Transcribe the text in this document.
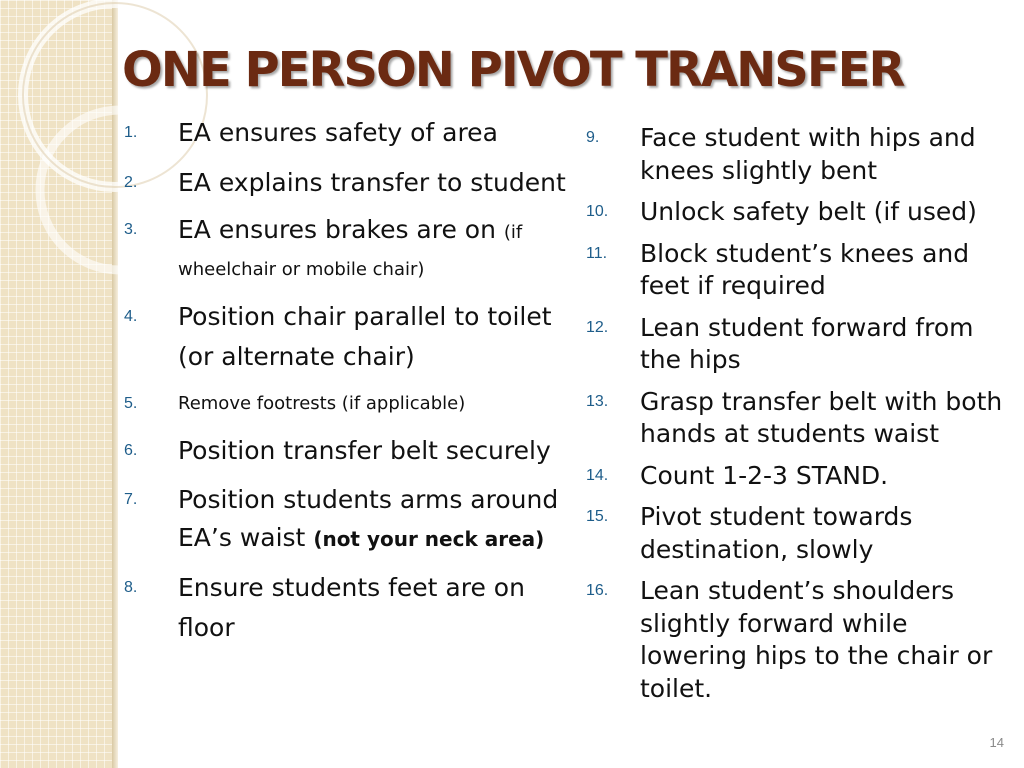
ONE PERSON PIVOT TRANSFER
1. EA ensures safety of area
2. EA explains transfer to student
3. EA ensures brakes are on (if wheelchair or mobile chair)
4. Position chair parallel to toilet (or alternate chair)
5. Remove footrests (if applicable)
6. Position transfer belt securely
7. Position students arms around EA’s waist (not your neck area)
8. Ensure students feet are on floor
9. Face student with hips and knees slightly bent
10. Unlock safety belt (if used)
11. Block student’s knees and feet if required
12. Lean student forward from the hips
13. Grasp transfer belt with both hands at students waist
14. Count 1-2-3 STAND.
15. Pivot student towards destination, slowly
16. Lean student’s shoulders slightly forward while lowering hips to the chair or toilet.
14
